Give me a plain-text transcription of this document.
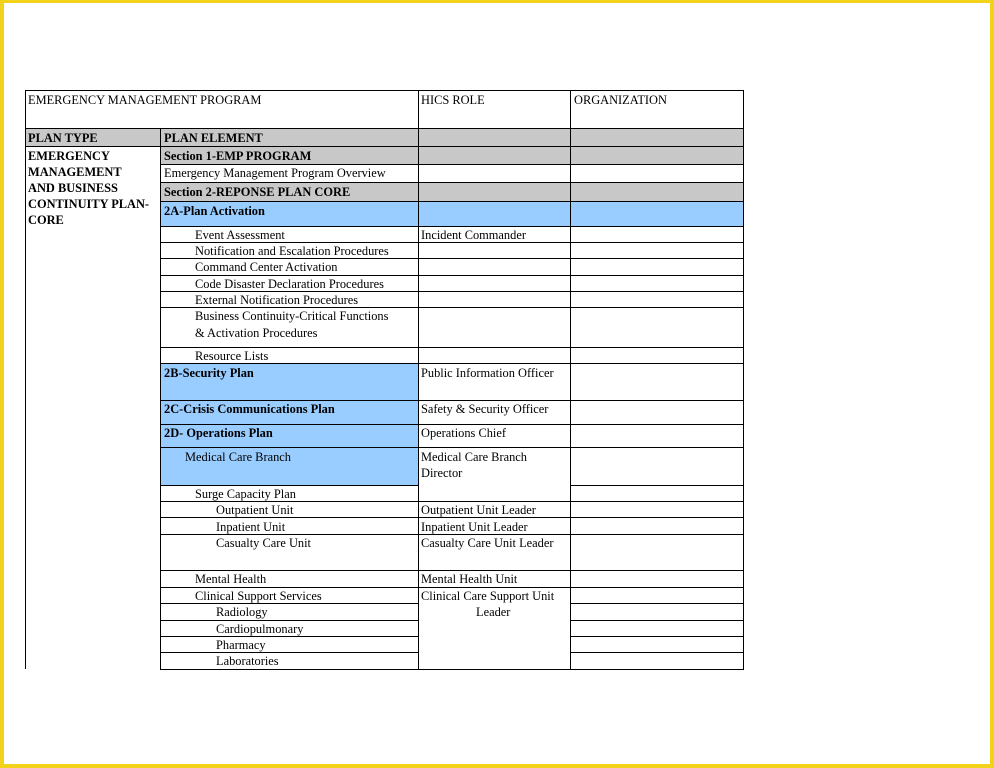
EMERGENCY MANAGEMENT PROGRAM	HICS ROLE	ORGANIZATION
PLAN TYPE	PLAN ELEMENT
EMERGENCY
MANAGEMENT
AND BUSINESS
CONTINUITY PLAN-
CORE
Section 1-EMP PROGRAM
Emergency Management Program Overview
Section 2-REPONSE PLAN CORE
2A-Plan Activation
Event Assessment	Incident Commander
Notification and Escalation Procedures
Command Center Activation
Code Disaster Declaration Procedures
External Notification Procedures
Business Continuity-Critical Functions
& Activation Procedures
Resource Lists
2B-Security Plan	Public Information Officer
2C-Crisis Communications Plan	Safety & Security Officer
2D- Operations Plan	Operations Chief
Medical Care Branch	Medical Care Branch
Director
Surge Capacity Plan
Outpatient Unit	Outpatient Unit Leader
Inpatient Unit	Inpatient Unit Leader
Casualty Care Unit	Casualty Care Unit Leader
Mental Health	Mental Health Unit
Clinical Support Services	Clinical Care Support Unit
Leader
Radiology
Cardiopulmonary
Pharmacy
Laboratories
